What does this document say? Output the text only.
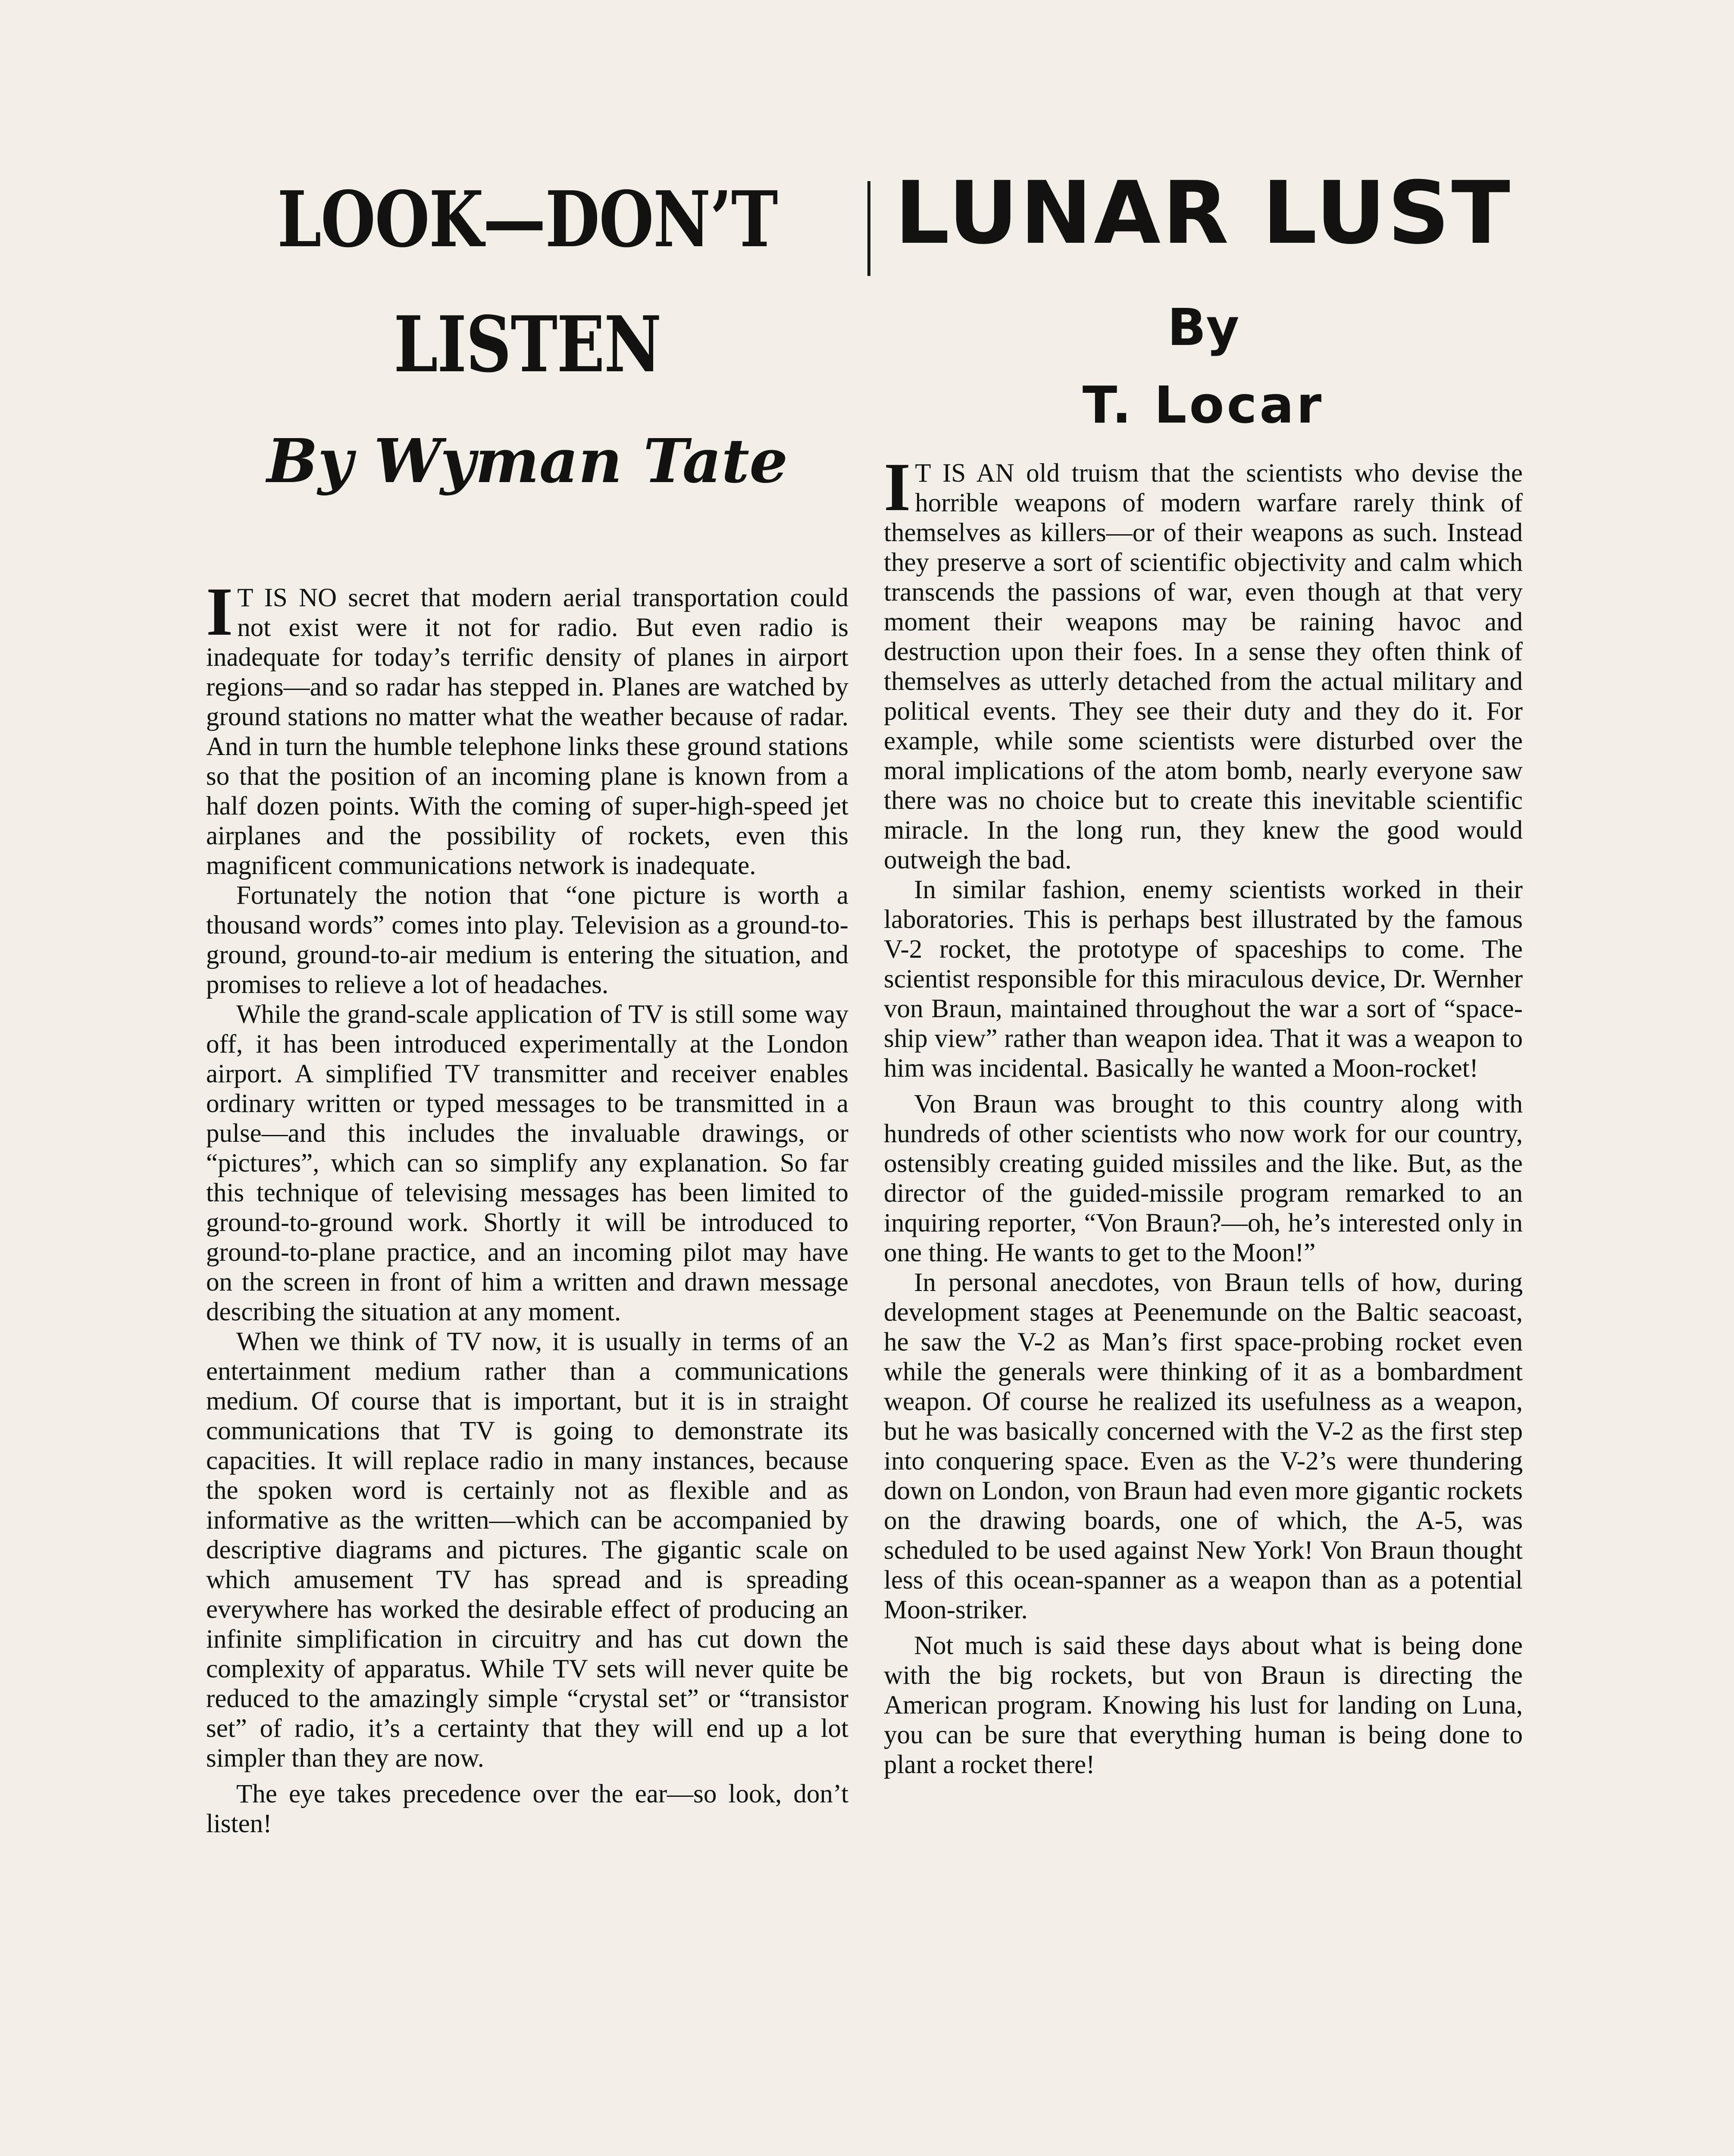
LOOK—DON’T
LISTEN
By Wyman Tate

I T IS NO secret that modern aerial transportation could not exist were it not for radio. But even radio is inadequate for today’s terrific density of planes in airport regions—and so radar has stepped in. Planes are watched by ground stations no matter what the weather because of radar. And in turn the humble telephone links these ground stations so that the position of an incoming plane is known from a half dozen points. With the coming of super-high-speed jet airplanes and the possibility of rockets, even this magnificent communications network is inadequate.

Fortunately the notion that “one picture is worth a thousand words” comes into play. Television as a ground-to-ground, ground-to-air medium is entering the situation, and promises to relieve a lot of headaches.

While the grand-scale application of TV is still some way off, it has been introduced experimentally at the London airport. A simplified TV transmitter and receiver enables ordinary written or typed messages to be transmitted in a pulse—and this includes the invaluable drawings, or “pictures”, which can so simplify any explanation. So far this technique of televising messages has been limited to ground-to-ground work. Shortly it will be introduced to ground-to-plane practice, and an incoming pilot may have on the screen in front of him a written and drawn message describing the situation at any moment.

When we think of TV now, it is usually in terms of an entertainment medium rather than a communications medium. Of course that is important, but it is in straight communications that TV is going to demonstrate its capacities. It will replace radio in many instances, because the spoken word is certainly not as flexible and as informative as the written—which can be accompanied by descriptive diagrams and pictures. The gigantic scale on which amusement TV has spread and is spreading everywhere has worked the desirable effect of producing an infinite simplification in circuitry and has cut down the complexity of apparatus. While TV sets will never quite be reduced to the amazingly simple “crystal set” or “transistor set” of radio, it’s a certainty that they will end up a lot simpler than they are now.

The eye takes precedence over the ear—so look, don’t listen!

LUNAR LUST
By
T. Locar

I T IS AN old truism that the scientists who devise the horrible weapons of modern warfare rarely think of themselves as killers—or of their weapons as such. Instead they preserve a sort of scientific objectivity and calm which transcends the passions of war, even though at that very moment their weapons may be raining havoc and destruction upon their foes. In a sense they often think of themselves as utterly detached from the actual military and political events. They see their duty and they do it. For example, while some scientists were disturbed over the moral implications of the atom bomb, nearly everyone saw there was no choice but to create this inevitable scientific miracle. In the long run, they knew the good would outweigh the bad.

In similar fashion, enemy scientists worked in their laboratories. This is perhaps best illustrated by the famous V-2 rocket, the prototype of spaceships to come. The scientist responsible for this miraculous device, Dr. Wernher von Braun, maintained throughout the war a sort of “space-ship view” rather than weapon idea. That it was a weapon to him was incidental. Basically he wanted a Moon-rocket!

Von Braun was brought to this country along with hundreds of other scientists who now work for our country, ostensibly creating guided missiles and the like. But, as the director of the guided-missile program remarked to an inquiring reporter, “Von Braun?—oh, he’s interested only in one thing. He wants to get to the Moon!”

In personal anecdotes, von Braun tells of how, during development stages at Peenemunde on the Baltic seacoast, he saw the V-2 as Man’s first space-probing rocket even while the generals were thinking of it as a bombardment weapon. Of course he realized its usefulness as a weapon, but he was basically concerned with the V-2 as the first step into conquering space. Even as the V-2’s were thundering down on London, von Braun had even more gigantic rockets on the drawing boards, one of which, the A-5, was scheduled to be used against New York! Von Braun thought less of this ocean-spanner as a weapon than as a potential Moon-striker.

Not much is said these days about what is being done with the big rockets, but von Braun is directing the American program. Knowing his lust for landing on Luna, you can be sure that everything human is being done to plant a rocket there!
